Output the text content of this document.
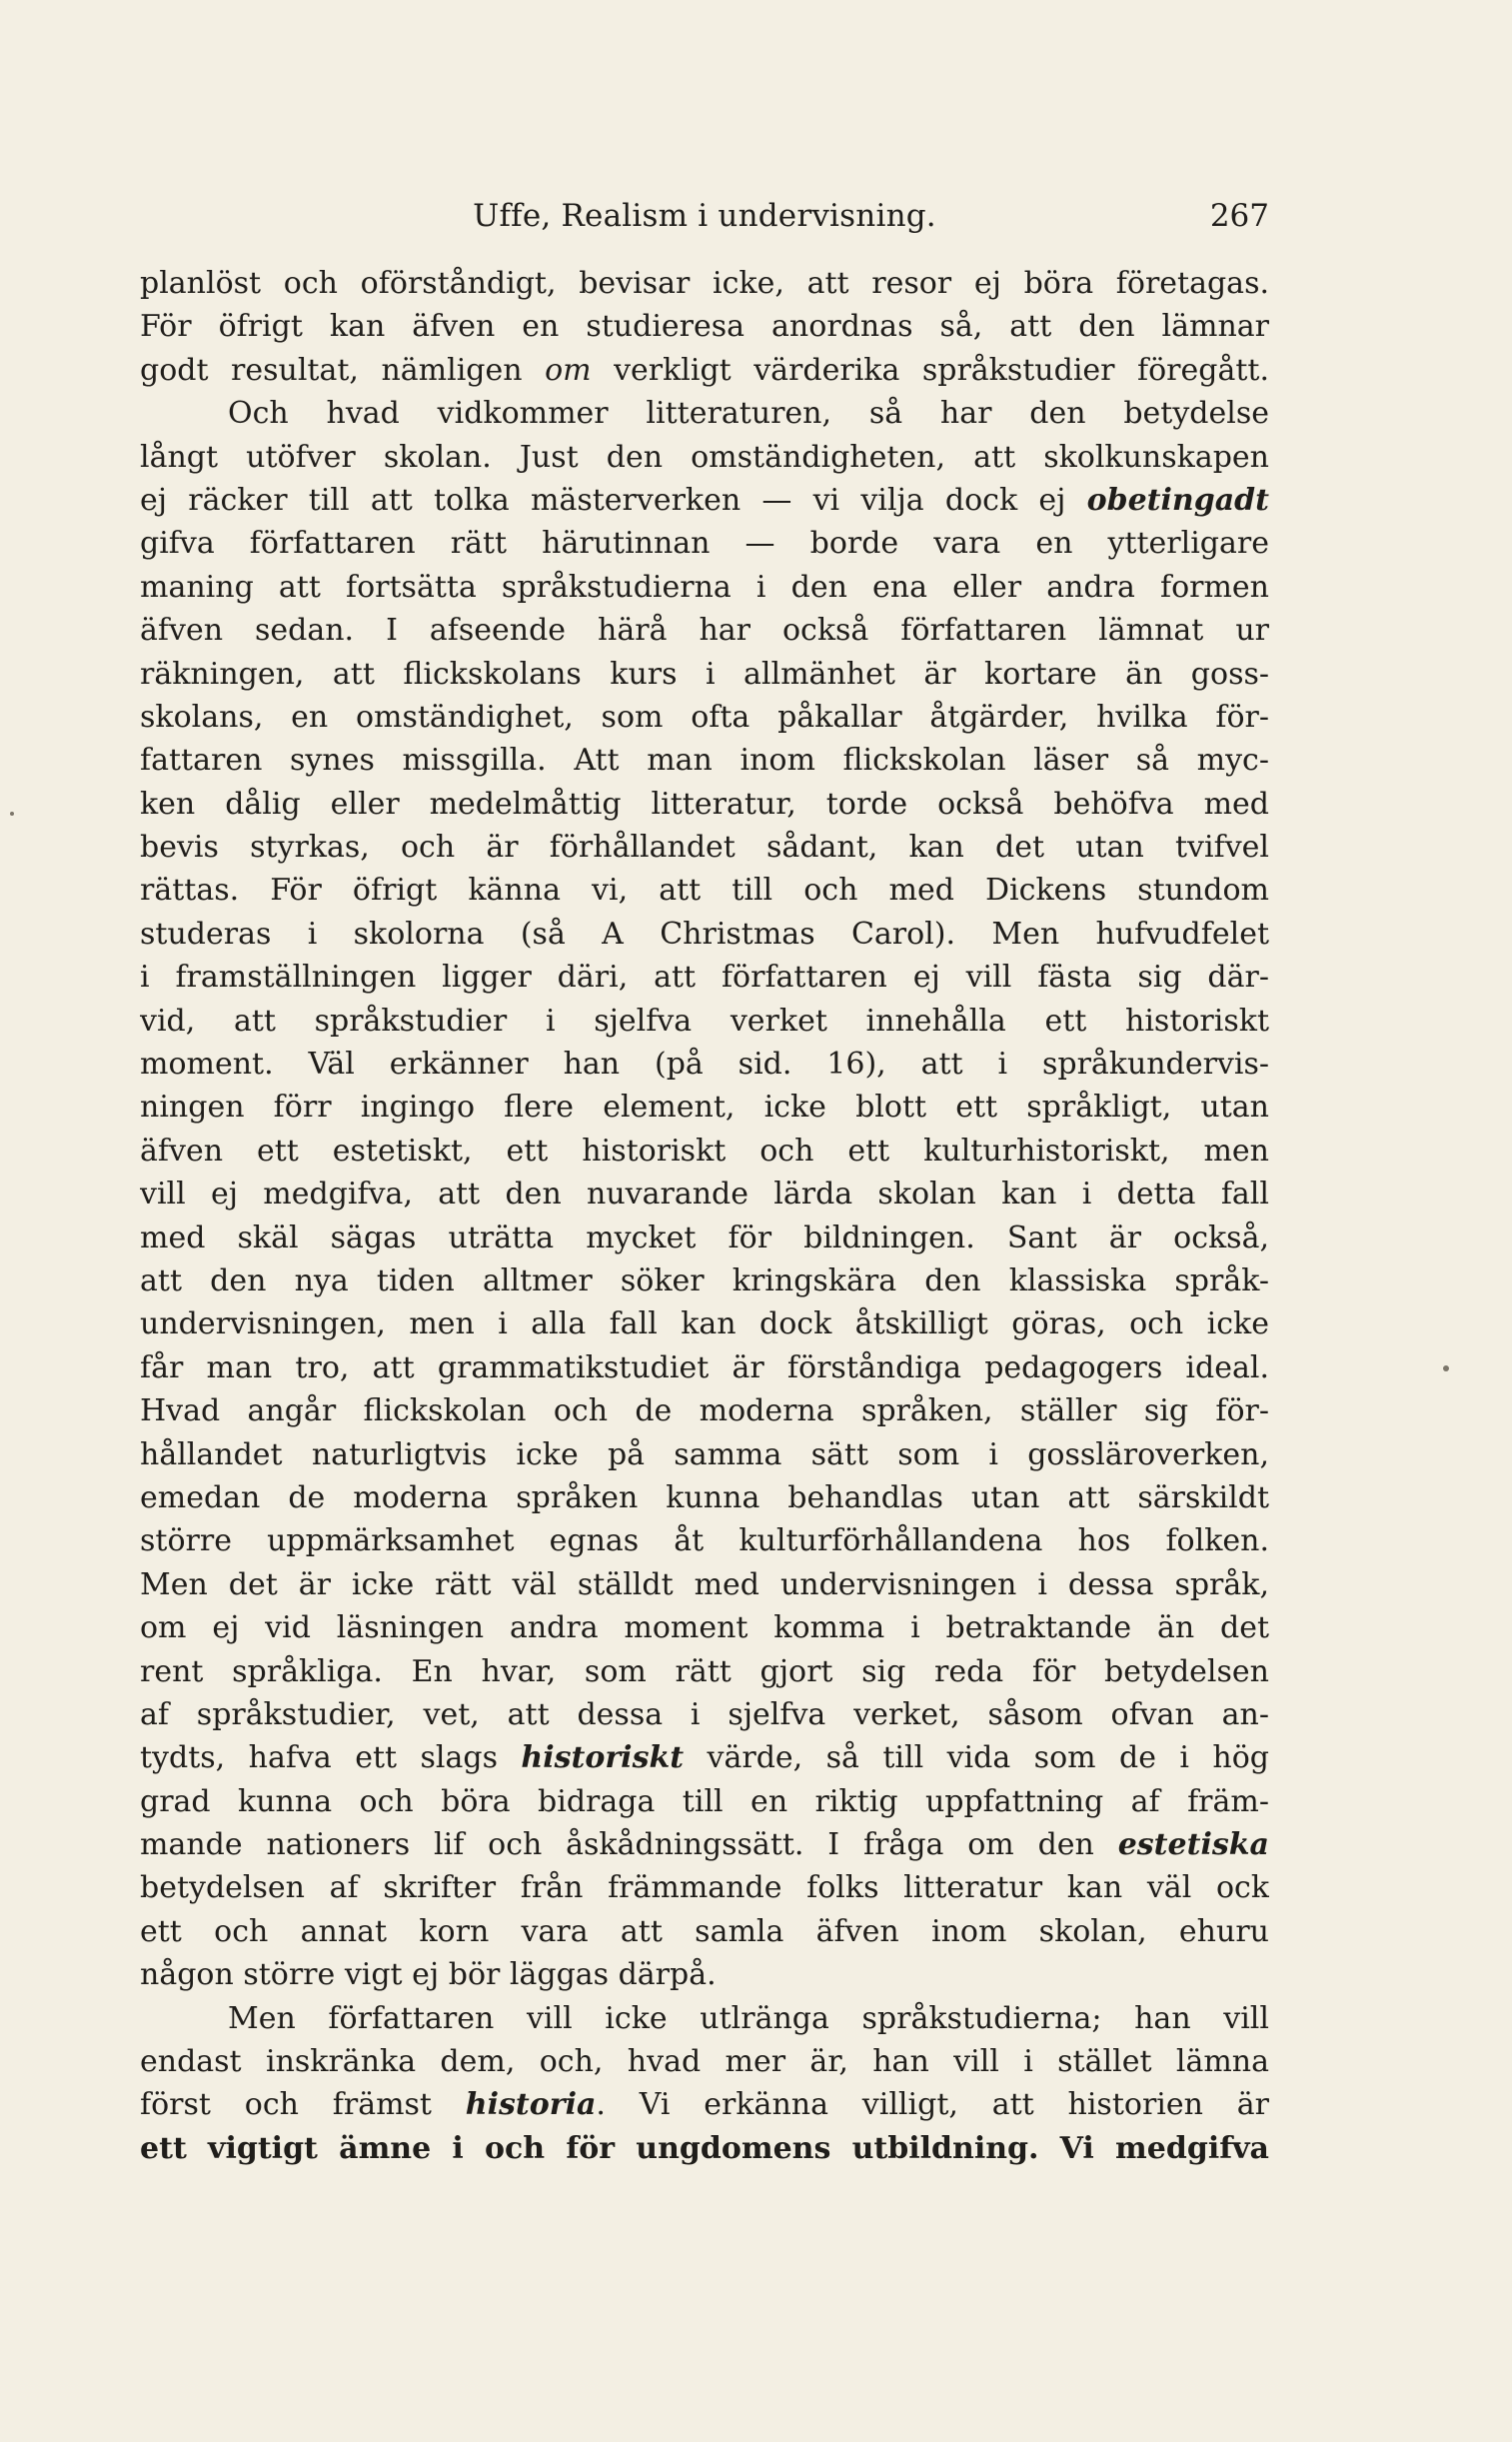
Uffe, Realism i undervisning.	267
planlöst och oförståndigt, bevisar icke, att resor ej böra företagas.
För öfrigt kan äfven en studieresa anordnas så, att den lämnar
godt resultat, nämligen om verkligt värderika språkstudier föregått.
Och hvad vidkommer litteraturen, så har den betydelse
långt utöfver skolan. Just den omständigheten, att skolkunskapen
ej räcker till att tolka mästerverken — vi vilja dock ej obetingadt
gifva författaren rätt härutinnan — borde vara en ytterligare
maning att fortsätta språkstudierna i den ena eller andra formen
äfven sedan. I afseende härå har också författaren lämnat ur
räkningen, att flickskolans kurs i allmänhet är kortare än goss-
skolans, en omständighet, som ofta påkallar åtgärder, hvilka för-
fattaren synes missgilla. Att man inom flickskolan läser så myc-
ken dålig eller medelmåttig litteratur, torde också behöfva med
bevis styrkas, och är förhållandet sådant, kan det utan tvifvel
rättas. För öfrigt känna vi, att till och med Dickens stundom
studeras i skolorna (så A Christmas Carol). Men hufvudfelet
i framställningen ligger däri, att författaren ej vill fästa sig där-
vid, att språkstudier i sjelfva verket innehålla ett historiskt
moment. Väl erkänner han (på sid. 16), att i språkundervis-
ningen förr ingingo flere element, icke blott ett språkligt, utan
äfven ett estetiskt, ett historiskt och ett kulturhistoriskt, men
vill ej medgifva, att den nuvarande lärda skolan kan i detta fall
med skäl sägas uträtta mycket för bildningen. Sant är också,
att den nya tiden alltmer söker kringskära den klassiska språk-
undervisningen, men i alla fall kan dock åtskilligt göras, och icke
får man tro, att grammatikstudiet är förståndiga pedagogers ideal.
Hvad angår flickskolan och de moderna språken, ställer sig för-
hållandet naturligtvis icke på samma sätt som i gossläroverken,
emedan de moderna språken kunna behandlas utan att särskildt
större uppmärksamhet egnas åt kulturförhållandena hos folken.
Men det är icke rätt väl ställdt med undervisningen i dessa språk,
om ej vid läsningen andra moment komma i betraktande än det
rent språkliga. En hvar, som rätt gjort sig reda för betydelsen
af språkstudier, vet, att dessa i sjelfva verket, såsom ofvan an-
tydts, hafva ett slags historiskt värde, så till vida som de i hög
grad kunna och böra bidraga till en riktig uppfattning af främ-
mande nationers lif och åskådningssätt. I fråga om den estetiska
betydelsen af skrifter från främmande folks litteratur kan väl ock
ett och annat korn vara att samla äfven inom skolan, ehuru
någon större vigt ej bör läggas därpå.
Men författaren vill icke utlränga språkstudierna; han vill
endast inskränka dem, och, hvad mer är, han vill i stället lämna
först och främst historia. Vi erkänna villigt, att historien är
ett vigtigt ämne i och för ungdomens utbildning. Vi medgifva
